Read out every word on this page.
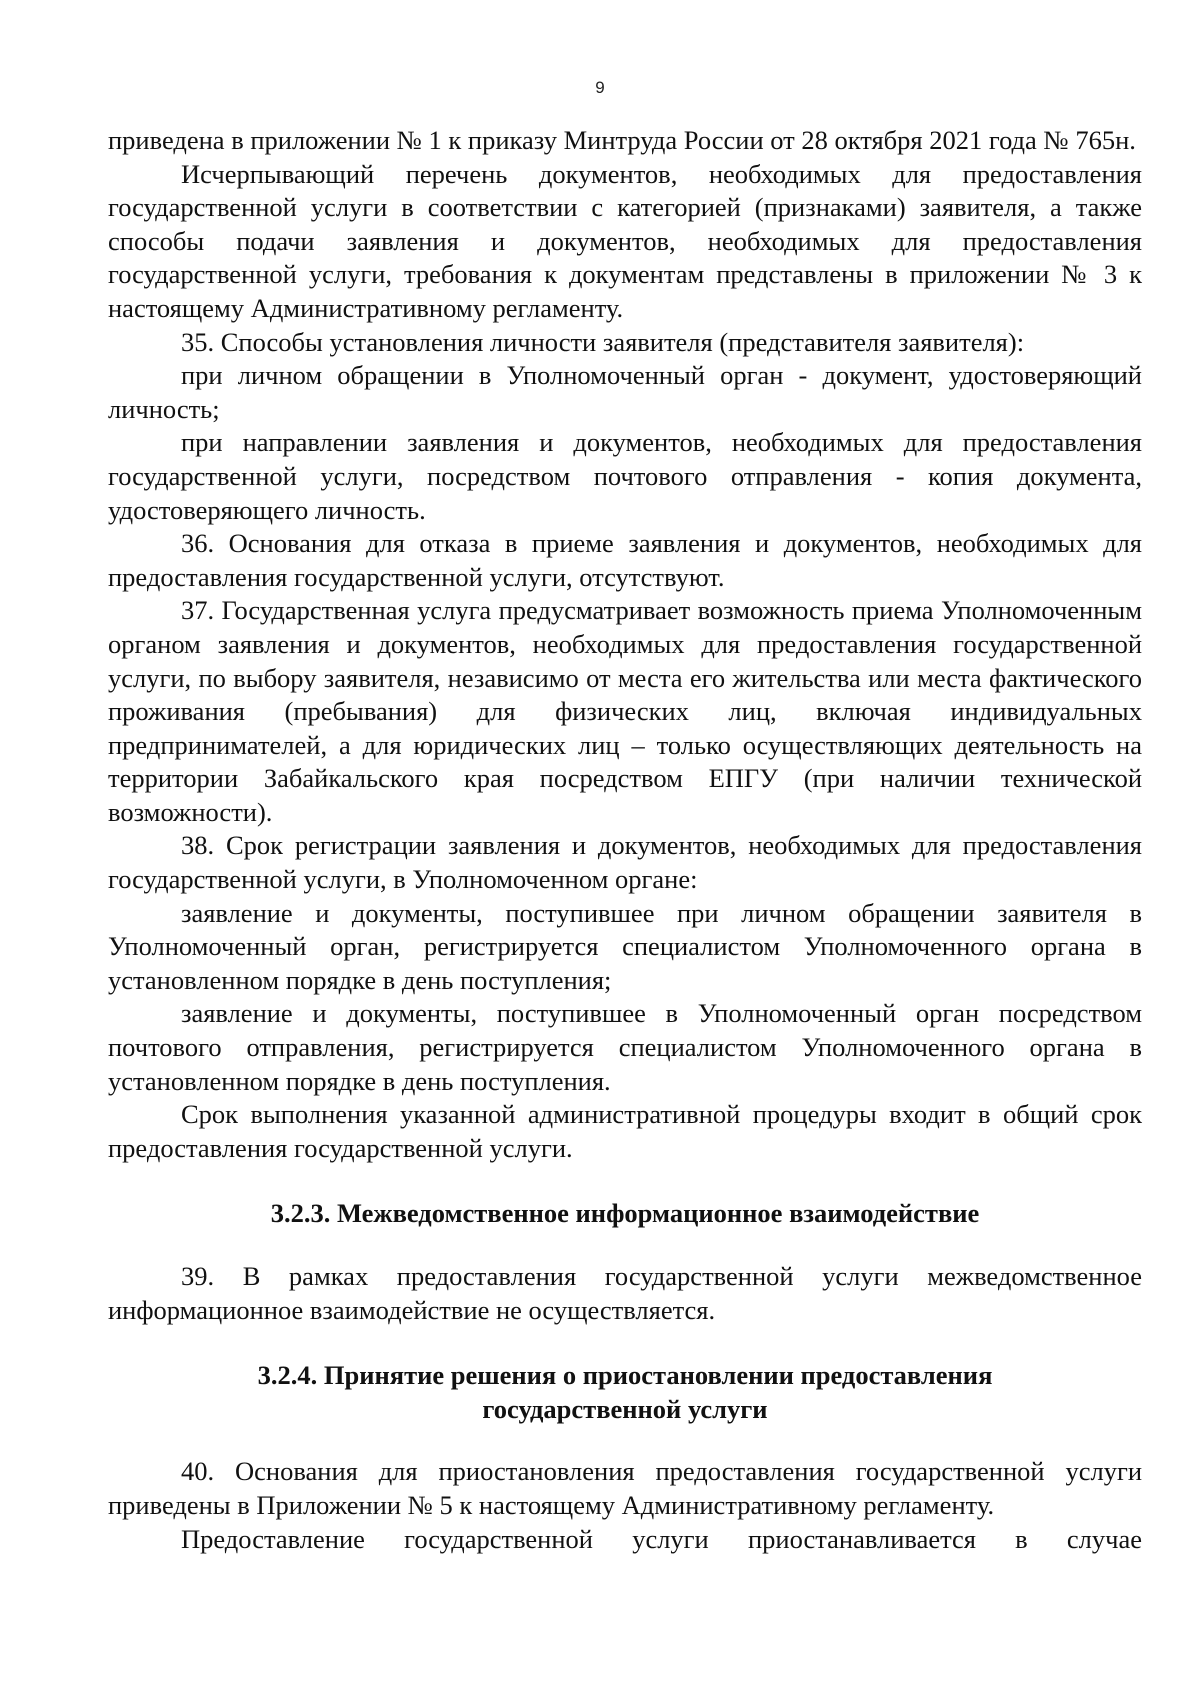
9

приведена в приложении № 1 к приказу Минтруда России от 28 октября 2021 года № 765н.

Исчерпывающий перечень документов, необходимых для предоставления государственной услуги в соответствии с категорией (признаками) заявителя, а также способы подачи заявления и документов, необходимых для предоставления государственной услуги, требования к документам представлены в приложении № 3 к настоящему Административному регламенту.

35. Способы установления личности заявителя (представителя заявителя):

при личном обращении в Уполномоченный орган - документ, удостоверяющий личность;

при направлении заявления и документов, необходимых для предоставления государственной услуги, посредством почтового отправления - копия документа, удостоверяющего личность.

36. Основания для отказа в приеме заявления и документов, необходимых для предоставления государственной услуги, отсутствуют.

37. Государственная услуга предусматривает возможность приема Уполномоченным органом заявления и документов, необходимых для предоставления государственной услуги, по выбору заявителя, независимо от места его жительства или места фактического проживания (пребывания) для физических лиц, включая индивидуальных предпринимателей, а для юридических лиц – только осуществляющих деятельность на территории Забайкальского края посредством ЕПГУ (при наличии технической возможности).

38. Срок регистрации заявления и документов, необходимых для предоставления государственной услуги, в Уполномоченном органе:

заявление и документы, поступившее при личном обращении заявителя в Уполномоченный орган, регистрируется специалистом Уполномоченного органа в установленном порядке в день поступления;

заявление и документы, поступившее в Уполномоченный орган посредством почтового отправления, регистрируется специалистом Уполномоченного органа в установленном порядке в день поступления.

Срок выполнения указанной административной процедуры входит в общий срок предоставления государственной услуги.

3.2.3. Межведомственное информационное взаимодействие

39. В рамках предоставления государственной услуги межведомственное информационное взаимодействие не осуществляется.

3.2.4. Принятие решения о приостановлении предоставления
государственной услуги

40. Основания для приостановления предоставления государственной услуги приведены в Приложении № 5 к настоящему Административному регламенту.

Предоставление государственной услуги приостанавливается в случае
